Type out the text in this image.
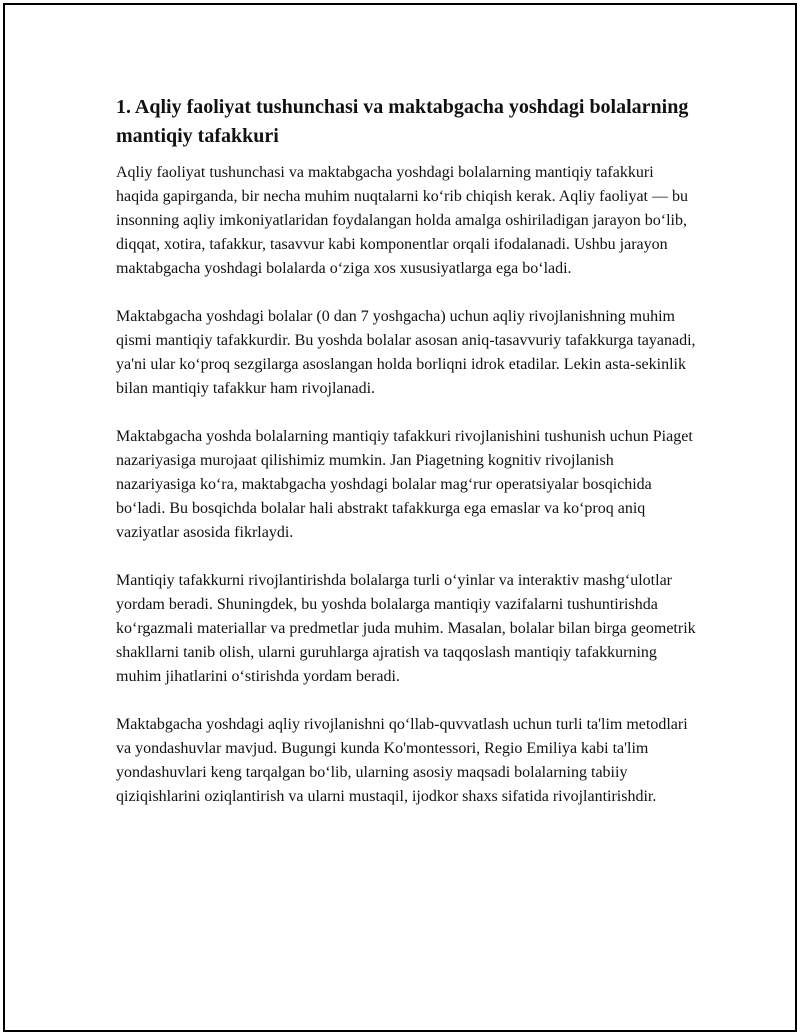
1. Aqliy faoliyat tushunchasi va maktabgacha yoshdagi bolalarning mantiqiy tafakkuri

Aqliy faoliyat tushunchasi va maktabgacha yoshdagi bolalarning mantiqiy tafakkuri haqida gapirganda, bir necha muhim nuqtalarni ko‘rib chiqish kerak. Aqliy faoliyat — bu insonning aqliy imkoniyatlaridan foydalangan holda amalga oshiriladigan jarayon bo‘lib, diqqat, xotira, tafakkur, tasavvur kabi komponentlar orqali ifodalanadi. Ushbu jarayon maktabgacha yoshdagi bolalarda o‘ziga xos xususiyatlarga ega bo‘ladi.

Maktabgacha yoshdagi bolalar (0 dan 7 yoshgacha) uchun aqliy rivojlanishning muhim qismi mantiqiy tafakkurdir. Bu yoshda bolalar asosan aniq-tasavvuriy tafakkurga tayanadi, ya'ni ular ko‘proq sezgilarga asoslangan holda borliqni idrok etadilar. Lekin asta-sekinlik bilan mantiqiy tafakkur ham rivojlanadi.

Maktabgacha yoshda bolalarning mantiqiy tafakkuri rivojlanishini tushunish uchun Piaget nazariyasiga murojaat qilishimiz mumkin. Jan Piagetning kognitiv rivojlanish nazariyasiga ko‘ra, maktabgacha yoshdagi bolalar mag‘rur operatsiyalar bosqichida bo‘ladi. Bu bosqichda bolalar hali abstrakt tafakkurga ega emaslar va ko‘proq aniq vaziyatlar asosida fikrlaydi.

Mantiqiy tafakkurni rivojlantirishda bolalarga turli o‘yinlar va interaktiv mashg‘ulotlar yordam beradi. Shuningdek, bu yoshda bolalarga mantiqiy vazifalarni tushuntirishda ko‘rgazmali materiallar va predmetlar juda muhim. Masalan, bolalar bilan birga geometrik shakllarni tanib olish, ularni guruhlarga ajratish va taqqoslash mantiqiy tafakkurning muhim jihatlarini o‘stirishda yordam beradi.

Maktabgacha yoshdagi aqliy rivojlanishni qo‘llab-quvvatlash uchun turli ta'lim metodlari va yondashuvlar mavjud. Bugungi kunda Ko'montessori, Regio Emiliya kabi ta'lim yondashuvlari keng tarqalgan bo‘lib, ularning asosiy maqsadi bolalarning tabiiy qiziqishlarini oziqlantirish va ularni mustaqil, ijodkor shaxs sifatida rivojlantirishdir.
